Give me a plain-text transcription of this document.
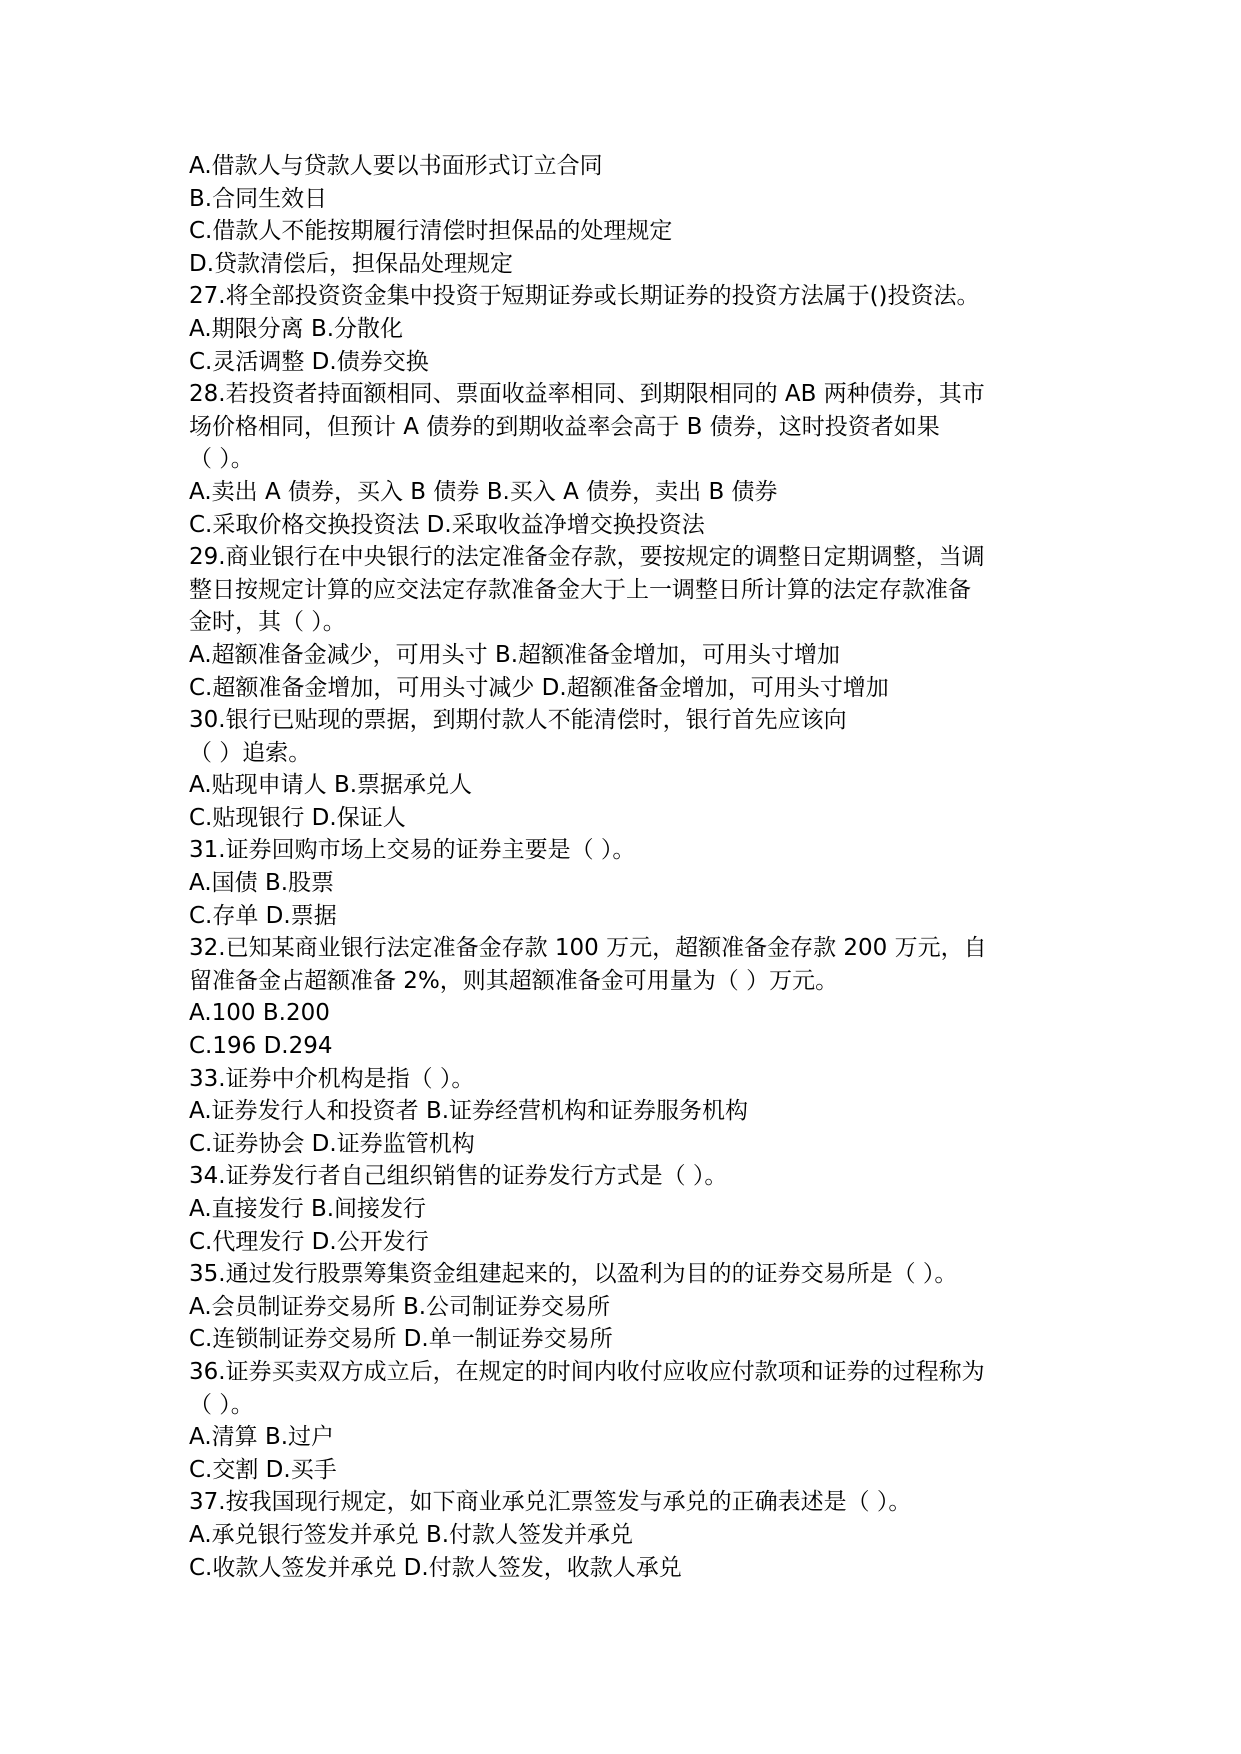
A.借款人与贷款人要以书面形式订立合同
B.合同生效日
C.借款人不能按期履行清偿时担保品的处理规定
D.贷款清偿后，担保品处理规定
27.将全部投资资金集中投资于短期证券或长期证券的投资方法属于()投资法。
A.期限分离 B.分散化
C.灵活调整 D.债券交换
28.若投资者持面额相同、票面收益率相同、到期限相同的 AB 两种债券，其市
场价格相同，但预计 A 债券的到期收益率会高于 B 债券，这时投资者如果
（ ）。
A.卖出 A 债券，买入 B 债券 B.买入 A 债券，卖出 B 债券
C.采取价格交换投资法 D.采取收益净增交换投资法
29.商业银行在中央银行的法定准备金存款，要按规定的调整日定期调整，当调
整日按规定计算的应交法定存款准备金大于上一调整日所计算的法定存款准备
金时，其（ ）。
A.超额准备金减少，可用头寸 B.超额准备金增加，可用头寸增加
C.超额准备金增加，可用头寸减少 D.超额准备金增加，可用头寸增加
30.银行已贴现的票据，到期付款人不能清偿时，银行首先应该向
（ ）追索。
A.贴现申请人 B.票据承兑人
C.贴现银行 D.保证人
31.证券回购市场上交易的证券主要是（ ）。
A.国债 B.股票
C.存单 D.票据
32.已知某商业银行法定准备金存款 100 万元，超额准备金存款 200 万元，自
留准备金占超额准备 2%，则其超额准备金可用量为（ ）万元。
A.100 B.200
C.196 D.294
33.证券中介机构是指（ ）。
A.证券发行人和投资者 B.证券经营机构和证券服务机构
C.证券协会 D.证券监管机构
34.证券发行者自己组织销售的证券发行方式是（ ）。
A.直接发行 B.间接发行
C.代理发行 D.公开发行
35.通过发行股票筹集资金组建起来的，以盈利为目的的证券交易所是（ ）。
A.会员制证券交易所 B.公司制证券交易所
C.连锁制证券交易所 D.单一制证券交易所
36.证券买卖双方成立后，在规定的时间内收付应收应付款项和证券的过程称为
（ ）。
A.清算 B.过户
C.交割 D.买手
37.按我国现行规定，如下商业承兑汇票签发与承兑的正确表述是（ ）。
A.承兑银行签发并承兑 B.付款人签发并承兑
C.收款人签发并承兑 D.付款人签发，收款人承兑
